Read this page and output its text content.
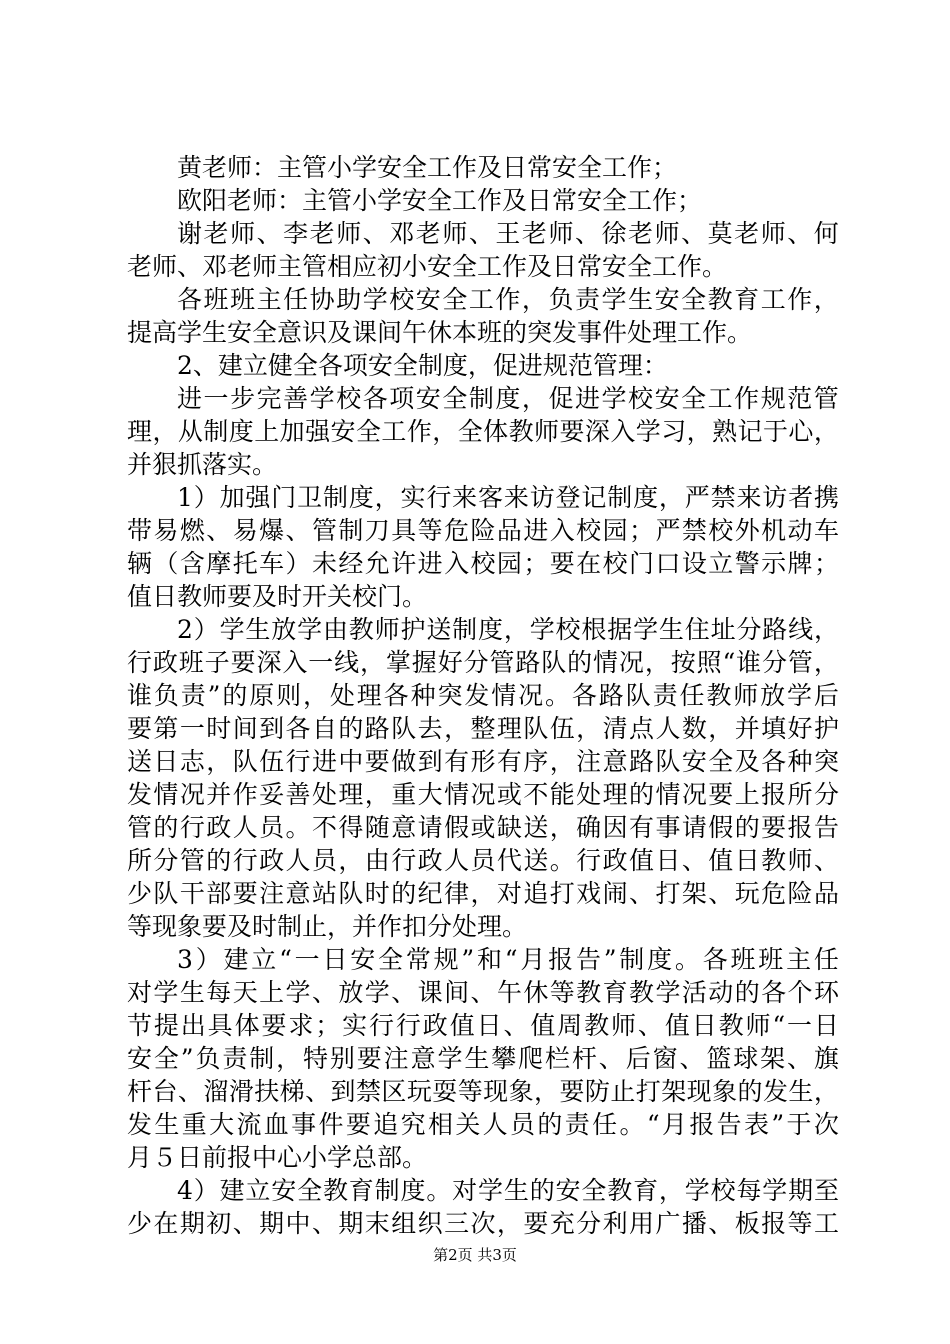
黄老师：主管小学安全工作及日常安全工作；
欧阳老师：主管小学安全工作及日常安全工作；
谢 老 师 、 李 老 师 、 邓 老 师 、 王 老 师 、 徐 老 师 、 莫 老 师 、 何
老师、邓老师主管相应初小安全工作及日常安全工作。
各 班 班 主 任 协 助 学 校 安 全 工 作 ， 负 责 学 生 安 全 教 育 工 作 ，
提高学生安全意识及课间午休本班的突发事件处理工作。
2、建立健全各项安全制度，促进规范管理：
进 一 步 完 善 学 校 各 项 安 全 制 度 ， 促 进 学 校 安 全 工 作 规 范 管
理 ， 从 制 度 上 加 强 安 全 工 作 ， 全 体 教 师 要 深 入 学 习 ， 熟 记 于 心 ，
并狠抓落实。
1 ） 加 强 门 卫 制 度 ， 实 行 来 客 来 访 登 记 制 度 ， 严 禁 来 访 者 携
带 易 燃 、 易 爆 、 管 制 刀 具 等 危 险 品 进 入 校 园 ； 严 禁 校 外 机 动 车
辆 （ 含 摩 托 车 ） 未 经 允 许 进 入 校 园 ； 要 在 校 门 口 设 立 警 示 牌 ；
值日教师要及时开关校门。
2 ） 学 生 放 学 由 教 师 护 送 制 度 ， 学 校 根 据 学 生 住 址 分 路 线 ，
行 政 班 子 要 深 入 一 线 ， 掌 握 好 分 管 路 队 的 情 况 ， 按 照 “ 谁 分 管 ，
谁 负 责 ” 的 原 则 ， 处 理 各 种 突 发 情 况 。 各 路 队 责 任 教 师 放 学 后
要 第 一 时 间 到 各 自 的 路 队 去 ， 整 理 队 伍 ， 清 点 人 数 ， 并 填 好 护
送 日 志 ， 队 伍 行 进 中 要 做 到 有 形 有 序 ， 注 意 路 队 安 全 及 各 种 突
发 情 况 并 作 妥 善 处 理 ， 重 大 情 况 或 不 能 处 理 的 情 况 要 上 报 所 分
管 的 行 政 人 员 。 不 得 随 意 请 假 或 缺 送 ， 确 因 有 事 请 假 的 要 报 告
所 分 管 的 行 政 人 员 ， 由 行 政 人 员 代 送 。 行 政 值 日 、 值 日 教 师 、
少 队 干 部 要 注 意 站 队 时 的 纪 律 ， 对 追 打 戏 闹 、 打 架 、 玩 危 险 品
等现象要及时制止，并作扣分处理。
3 ） 建 立 “ 一 日 安 全 常 规 ” 和 “ 月 报 告 ” 制 度 。 各 班 班 主 任
对 学 生 每 天 上 学 、 放 学 、 课 间 、 午 休 等 教 育 教 学 活 动 的 各 个 环
节 提 出 具 体 要 求 ； 实 行 行 政 值 日 、 值 周 教 师 、 值 日 教 师 “ 一 日
安 全 ” 负 责 制 ， 特 别 要 注 意 学 生 攀 爬 栏 杆 、 后 窗 、 篮 球 架 、 旗
杆 台 、 溜 滑 扶 梯 、 到 禁 区 玩 耍 等 现 象 ， 要 防 止 打 架 现 象 的 发 生 ，
发 生 重 大 流 血 事 件 要 追 究 相 关 人 员 的 责 任 。 “ 月 报 告 表 ” 于 次
月５日前报中心小学总部。
4 ） 建 立 安 全 教 育 制 度 。 对 学 生 的 安 全 教 育 ， 学 校 每 学 期 至
少 在 期 初 、 期 中 、 期 末 组 织 三 次 ， 要 充 分 利 用 广 播 、 板 报 等 工
第2页 共3页
